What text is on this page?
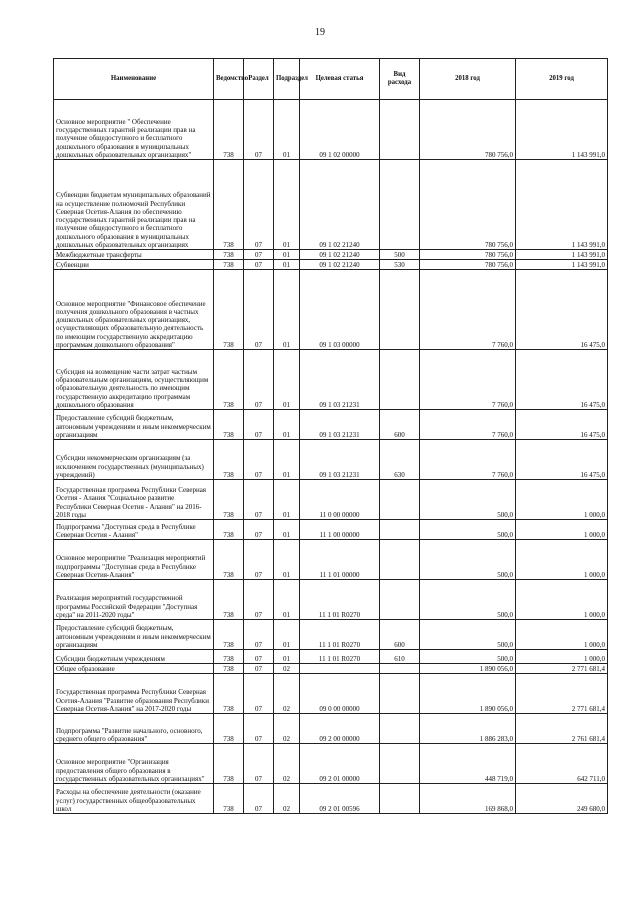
19
Наименование	Ведомство	Раздел	Подраздел	Целевая статья	Вид расхода	2018 год	2019 год
Основное мероприятие " Обеспечение государственных гарантий реализации прав на получение общедоступного и бесплатного дошкольного образования в муниципальных дошкольных образовательных организациях"	738	07	01	09 1 02 00000		780 756,0	1 143 991,0
Субвенции бюджетам муниципальных образований на осуществление полномочий Республики Северная Осетия-Алания по обеспечению государственных гарантий реализации прав на получение общедоступного и бесплатного дошкольного образования в муниципальных дошкольных образовательных организациях	738	07	01	09 1 02 21240		780 756,0	1 143 991,0
Межбюджетные трансферты	738	07	01	09 1 02 21240	500	780 756,0	1 143 991,0
Субвенции	738	07	01	09 1 02 21240	530	780 756,0	1 143 991,0
Основное мероприятие "Финансовое обеспечение получения дошкольного образования в частных дошкольных образовательных организациях, осуществляющих образовательную деятельность по имеющим государственную аккредитацию программам дошкольного образования"	738	07	01	09 1 03 00000		7 760,0	16 475,0
Субсидия на возмещение части затрат частным образовательным организациям, осуществляющим образовательную деятельность по имеющим государственную аккредитацию программам дошкольного образования	738	07	01	09 1 03 21231		7 760,0	16 475,0
Предоставление субсидий бюджетным, автономным учреждениям и иным некоммерческим организациям	738	07	01	09 1 03 21231	600	7 760,0	16 475,0
Субсидии некоммерческим организациям (за исключением государственных (муниципальных) учреждений)	738	07	01	09 1 03 21231	630	7 760,0	16 475,0
Государственная программа Республики Северная Осетия - Алания "Социальное развитие Республики Северная Осетия - Алания" на 2016-2018 годы	738	07	01	11 0 00 00000		500,0	1 000,0
Подпрограмма "Доступная среда в Республике Северная Осетия - Алания"	738	07	01	11 1 00 00000		500,0	1 000,0
Основное мероприятие "Реализация мероприятий подпрограммы "Доступная среда в Республике Северная Осетия-Алания"	738	07	01	11 1 01 00000		500,0	1 000,0
Реализация мероприятий государственной программы Российской Федерации "Доступная среда" на 2011-2020 годы"	738	07	01	11 1 01 R0270		500,0	1 000,0
Предоставление субсидий бюджетным, автономным учреждениям и иным некоммерческим организациям	738	07	01	11 1 01 R0270	600	500,0	1 000,0
Субсидии бюджетным учреждениям	738	07	01	11 1 01 R0270	610	500,0	1 000,0
Общее образование	738	07	02			1 890 056,0	2 771 681,4
Государственная программа Республики Северная Осетия-Алания "Развитие образования Республики Северная Осетия-Алания" на 2017-2020 годы	738	07	02	09 0 00 00000		1 890 056,0	2 771 681,4
Подпрограмма "Развитие начального, основного, среднего общего образования"	738	07	02	09 2 00 00000		1 886 283,0	2 761 681,4
Основное мероприятие "Организация предоставления общего образования в государственных образовательных организациях"	738	07	02	09 2 01 00000		448 719,0	642 711,0
Расходы на обеспечение деятельности (оказание услуг) государственных общеобразовательных школ	738	07	02	09 2 01 00596		169 868,0	249 680,0
